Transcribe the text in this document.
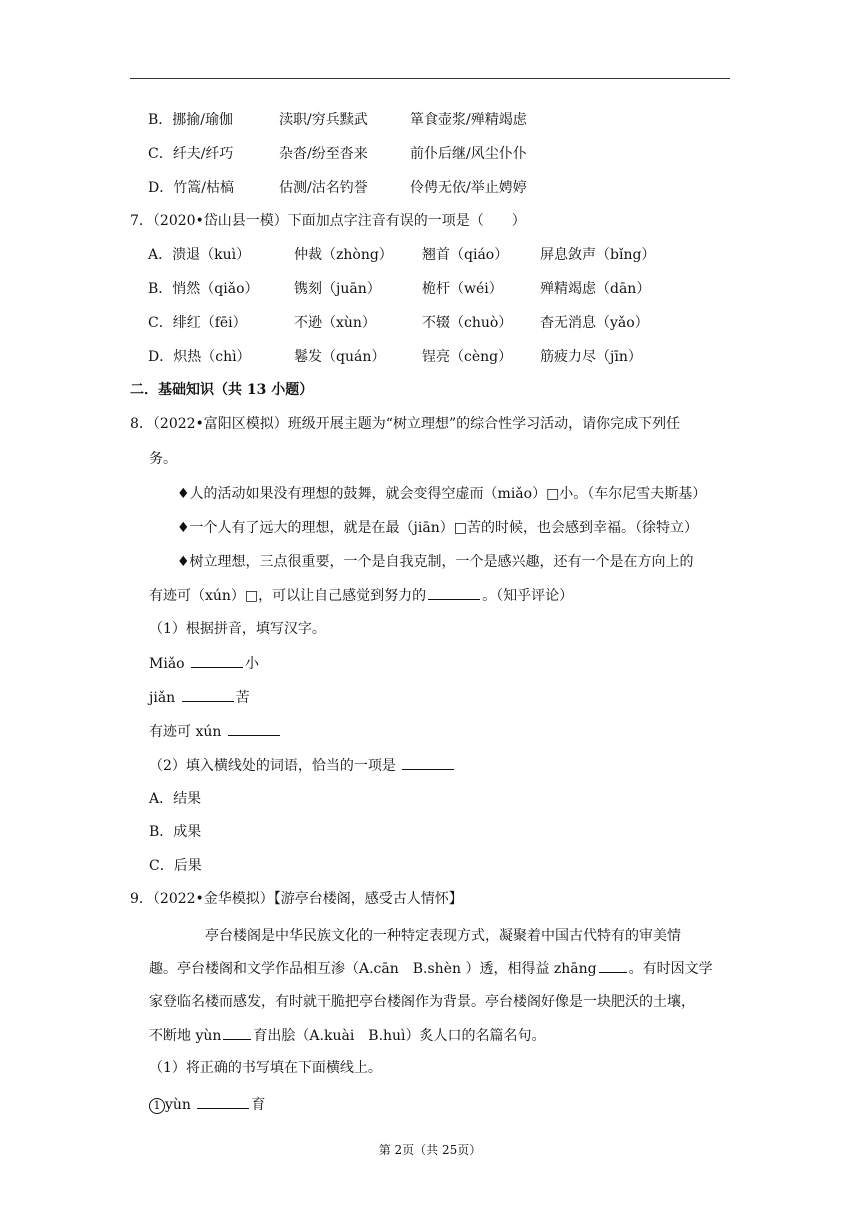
B．挪揄/瑜伽	渎职/穷兵黩武	箪食壶浆/殚精竭虑
C．纤夫/纤巧	杂沓/纷至沓来	前仆后继/风尘仆仆
D．竹篙/枯槁	估测/沽名钓誉	伶俜无依/举止娉婷
7．（2020•岱山县一模）下面加点字注音有误的一项是（　　）
A．溃退（kuì）	仲裁（zhòng） 翘首（qiáo） 屏息敛声（bǐng）
B．悄然（qiǎo）	镌刻（juān）	桅杆（wéi）	殚精竭虑（dān）
C．绯红（fēi）	不逊（xùn）	不辍（chuò） 杳无消息（yǎo）
D．炽热（chì）	鬈发（quán）	锃亮（cèng） 筋疲力尽（jīn）
二．基础知识（共 13 小题）
8．（2022•富阳区模拟）班级开展主题为“树立理想”的综合性学习活动，请你完成下列任
务。
♦人的活动如果没有理想的鼓舞，就会变得空虚而（miǎo）□小。（车尔尼雪夫斯基）
♦一个人有了远大的理想，就是在最（jiān）□苦的时候，也会感到幸福。（徐特立）
♦树立理想，三点很重要，一个是自我克制，一个是感兴趣，还有一个是在方向上的
有迹可（xún）□，可以让自己感觉到努力的	。（知乎评论）
（1）根据拼音，填写汉字。
Miǎo	小
jiǎn	苦
有迹可 xún
（2）填入横线处的词语，恰当的一项是
A．结果
B．成果
C．后果
9．（2022•金华模拟）【游亭台楼阁，感受古人情怀】
亭台楼阁是中华民族文化的一种特定表现方式，凝聚着中国古代特有的审美情
趣。亭台楼阁和文学作品相互渗（A.cān　B.shèn ）透，相得益 zhāng 。有时因文学
家登临名楼而感发，有时就干脆把亭台楼阁作为背景。亭台楼阁好像是一块肥沃的土壤，
不断地 yùn 育出脍（A.kuài　B.huì）炙人口的名篇名句。
（1）将正确的书写填在下面横线上。
1 yùn	育
第 2页（共 25页）
